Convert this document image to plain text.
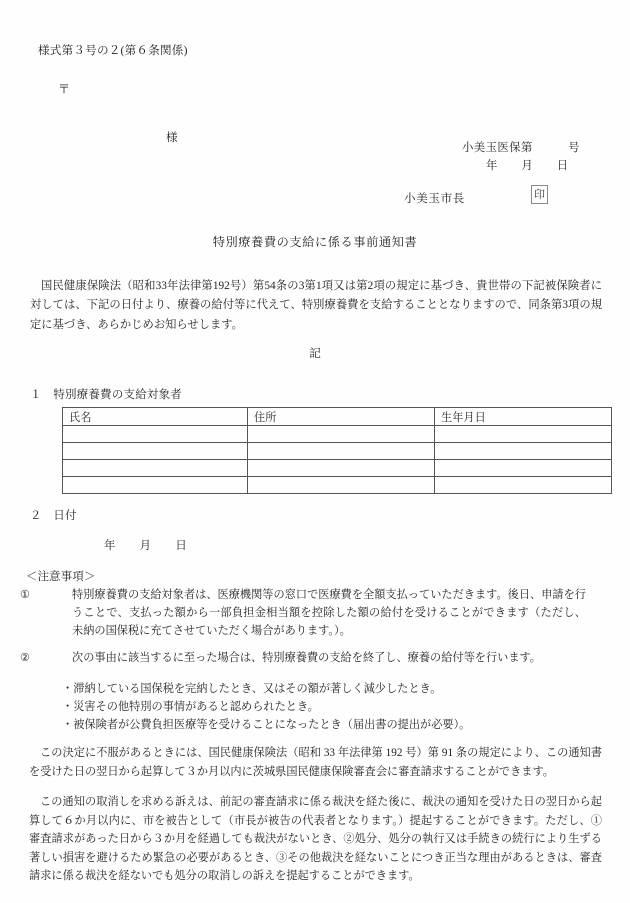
様式第３号の２(第６条関係)
〒
様
小美玉医保第　　　号
年　　月　　日
小美玉市長	印
特別療養費の支給に係る事前通知書
国民健康保険法（昭和33年法律第192号）第54条の3第1項又は第2項の規定に基づき、貴世帯の下記被保険者に対しては、下記の日付より、療養の給付等に代えて、特別療養費を支給することとなりますので、同条第3項の規定に基づき、あらかじめお知らせします。
記
１　特別療養費の支給対象者
氏名	住所	生年月日

２　日付
年　　月　　日
＜注意事項＞
①	特別療養費の支給対象者は、医療機関等の窓口で医療費を全額支払っていただきます。後日、申請を行うことで、支払った額から一部負担金相当額を控除した額の給付を受けることができます（ただし、未納の国保税に充てさせていただく場合があります。）。
②	次の事由に該当するに至った場合は、特別療養費の支給を終了し、療養の給付等を行います。
・滞納している国保税を完納したとき、又はその額が著しく減少したとき。
・災害その他特別の事情があると認められたとき。
・被保険者が公費負担医療等を受けることになったとき（届出書の提出が必要）。
この決定に不服があるときには、国民健康保険法（昭和 33 年法律第 192 号）第 91 条の規定により、この通知書を受けた日の翌日から起算して３か月以内に茨城県国民健康保険審査会に審査請求することができます。
この通知の取消しを求める訴えは、前記の審査請求に係る裁決を経た後に、裁決の通知を受けた日の翌日から起算して６か月以内に、市を被告として（市長が被告の代表者となります。）提起することができます。ただし、①審査請求があった日から３か月を経過しても裁決がないとき、②処分、処分の執行又は手続きの続行により生ずる著しい損害を避けるため緊急の必要があるとき、③その他裁決を経ないことにつき正当な理由があるときは、審査請求に係る裁決を経ないでも処分の取消しの訴えを提起することができます。
